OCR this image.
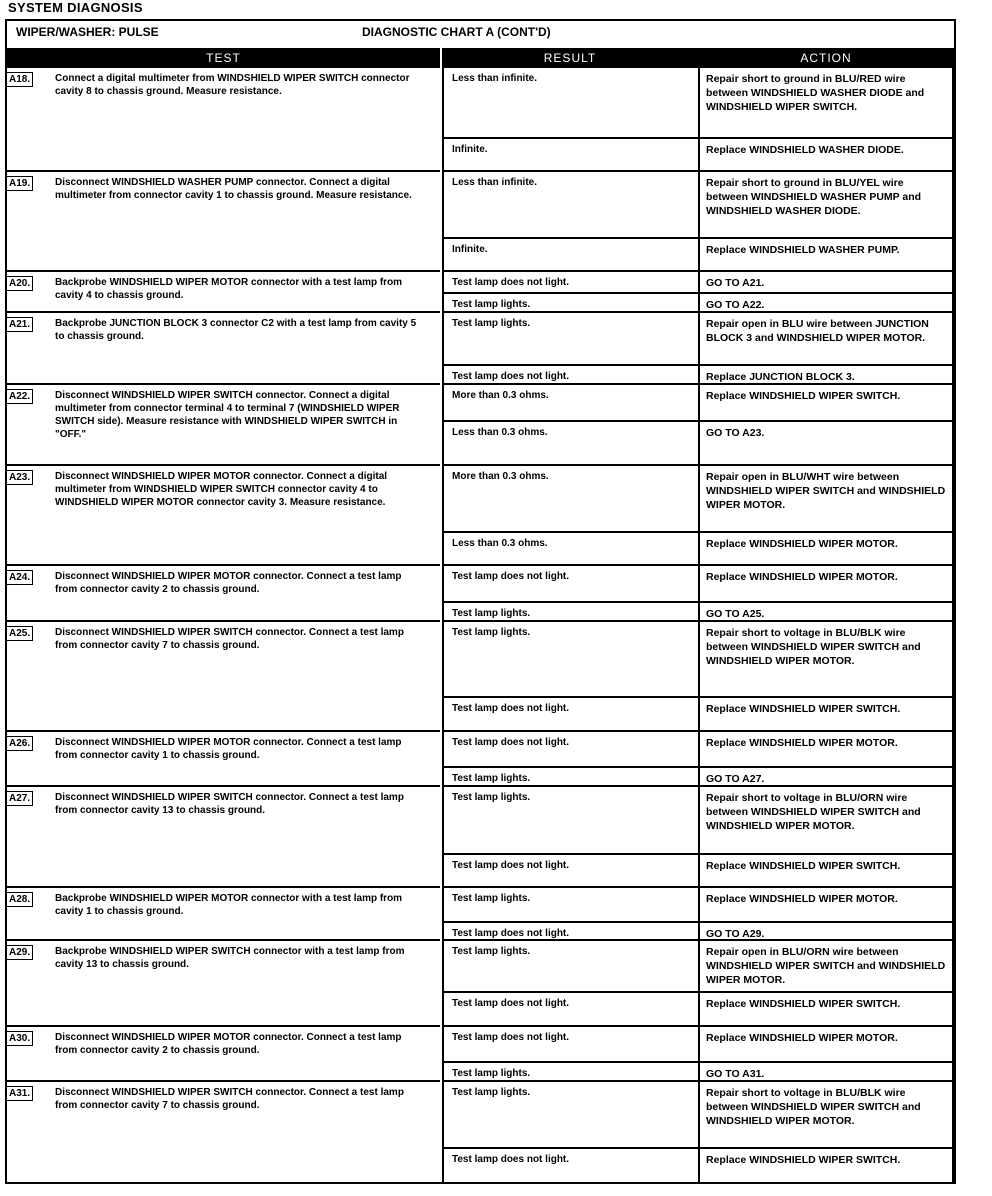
SYSTEM DIAGNOSIS
WIPER/WASHER: PULSE	DIAGNOSTIC CHART A (CONT'D)
TEST	RESULT	ACTION
A18.	Connect a digital multimeter from WINDSHIELD WIPER SWITCH connector cavity 8 to chassis ground. Measure resistance.
Less than infinite.	Repair short to ground in BLU/RED wire between WINDSHIELD WASHER DIODE and WINDSHIELD WIPER SWITCH.
Infinite.	Replace WINDSHIELD WASHER DIODE.
A19.	Disconnect WINDSHIELD WASHER PUMP connector. Connect a digital multimeter from connector cavity 1 to chassis ground. Measure resistance.
Less than infinite.	Repair short to ground in BLU/YEL wire between WINDSHIELD WASHER PUMP and WINDSHIELD WASHER DIODE.
Infinite.	Replace WINDSHIELD WASHER PUMP.
A20.	Backprobe WINDSHIELD WIPER MOTOR connector with a test lamp from cavity 4 to chassis ground.
Test lamp does not light.	GO TO A21.
Test lamp lights.	GO TO A22.
A21.	Backprobe JUNCTION BLOCK 3 connector C2 with a test lamp from cavity 5 to chassis ground.
Test lamp lights.	Repair open in BLU wire between JUNCTION BLOCK 3 and WINDSHIELD WIPER MOTOR.
Test lamp does not light.	Replace JUNCTION BLOCK 3.
A22.	Disconnect WINDSHIELD WIPER SWITCH connector. Connect a digital multimeter from connector terminal 4 to terminal 7 (WINDSHIELD WIPER SWITCH side). Measure resistance with WINDSHIELD WIPER SWITCH in "OFF."
More than 0.3 ohms.	Replace WINDSHIELD WIPER SWITCH.
Less than 0.3 ohms.	GO TO A23.
A23.	Disconnect WINDSHIELD WIPER MOTOR connector. Connect a digital multimeter from WINDSHIELD WIPER SWITCH connector cavity 4 to WINDSHIELD WIPER MOTOR connector cavity 3. Measure resistance.
More than 0.3 ohms.	Repair open in BLU/WHT wire between WINDSHIELD WIPER SWITCH and WINDSHIELD WIPER MOTOR.
Less than 0.3 ohms.	Replace WINDSHIELD WIPER MOTOR.
A24.	Disconnect WINDSHIELD WIPER MOTOR connector. Connect a test lamp from connector cavity 2 to chassis ground.
Test lamp does not light.	Replace WINDSHIELD WIPER MOTOR.
Test lamp lights.	GO TO A25.
A25.	Disconnect WINDSHIELD WIPER SWITCH connector. Connect a test lamp from connector cavity 7 to chassis ground.
Test lamp lights.	Repair short to voltage in BLU/BLK wire between WINDSHIELD WIPER SWITCH and WINDSHIELD WIPER MOTOR.
Test lamp does not light.	Replace WINDSHIELD WIPER SWITCH.
A26.	Disconnect WINDSHIELD WIPER MOTOR connector. Connect a test lamp from connector cavity 1 to chassis ground.
Test lamp does not light.	Replace WINDSHIELD WIPER MOTOR.
Test lamp lights.	GO TO A27.
A27.	Disconnect WINDSHIELD WIPER SWITCH connector. Connect a test lamp from connector cavity 13 to chassis ground.
Test lamp lights.	Repair short to voltage in BLU/ORN wire between WINDSHIELD WIPER SWITCH and WINDSHIELD WIPER MOTOR.
Test lamp does not light.	Replace WINDSHIELD WIPER SWITCH.
A28.	Backprobe WINDSHIELD WIPER MOTOR connector with a test lamp from cavity 1 to chassis ground.
Test lamp lights.	Replace WINDSHIELD WIPER MOTOR.
Test lamp does not light.	GO TO A29.
A29.	Backprobe WINDSHIELD WIPER SWITCH connector with a test lamp from cavity 13 to chassis ground.
Test lamp lights.	Repair open in BLU/ORN wire between WINDSHIELD WIPER SWITCH and WINDSHIELD WIPER MOTOR.
Test lamp does not light.	Replace WINDSHIELD WIPER SWITCH.
A30.	Disconnect WINDSHIELD WIPER MOTOR connector. Connect a test lamp from connector cavity 2 to chassis ground.
Test lamp does not light.	Replace WINDSHIELD WIPER MOTOR.
Test lamp lights.	GO TO A31.
A31.	Disconnect WINDSHIELD WIPER SWITCH connector. Connect a test lamp from connector cavity 7 to chassis ground.
Test lamp lights.	Repair short to voltage in BLU/BLK wire between WINDSHIELD WIPER SWITCH and WINDSHIELD WIPER MOTOR.
Test lamp does not light.	Replace WINDSHIELD WIPER SWITCH.
